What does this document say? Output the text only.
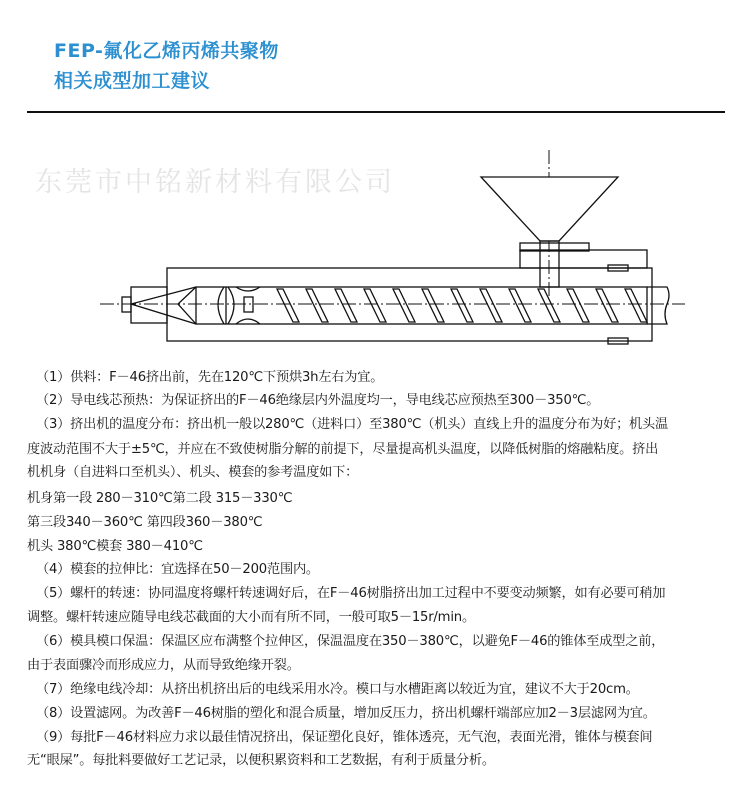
FEP-氟化乙烯丙烯共聚物
相关成型加工建议
东莞市中铭新材料有限公司
（1）供料：F－46挤出前，先在120℃下预烘3h左右为宜。
（2）导电线芯预热：为保证挤出的F－46绝缘层内外温度均一，导电线芯应预热至300－350℃。
（3）挤出机的温度分布：挤出机一般以280℃（进料口）至380℃（机头）直线上升的温度分布为好；机头温
度波动范围不大于±5℃，并应在不致使树脂分解的前提下，尽量提高机头温度，以降低树脂的熔融粘度。挤出
机机身（自进料口至机头）、机头、模套的参考温度如下：
机身第一段 280－310℃第二段 315－330℃
第三段340－360℃ 第四段360－380℃
机头 380℃模套 380－410℃
（4）模套的拉伸比：宜选择在50－200范围内。
（5）螺杆的转速：协同温度将螺杆转速调好后，在F－46树脂挤出加工过程中不要变动频繁，如有必要可稍加
调整。螺杆转速应随导电线芯截面的大小而有所不同，一般可取5－15r/min。
（6）模具模口保温：保温区应布满整个拉伸区，保温温度在350－380℃，以避免F－46的锥体至成型之前，
由于表面骤冷而形成应力，从而导致绝缘开裂。
（7）绝缘电线冷却：从挤出机挤出后的电线采用水冷。模口与水槽距离以较近为宜，建议不大于20cm。
（8）设置滤网。为改善F－46树脂的塑化和混合质量，增加反压力，挤出机螺杆端部应加2－3层滤网为宜。
（9）每批F－46材料应力求以最佳情况挤出，保证塑化良好，锥体透亮，无气泡，表面光滑，锥体与模套间
无“眼屎”。每批料要做好工艺记录，以便积累资料和工艺数据，有利于质量分析。
